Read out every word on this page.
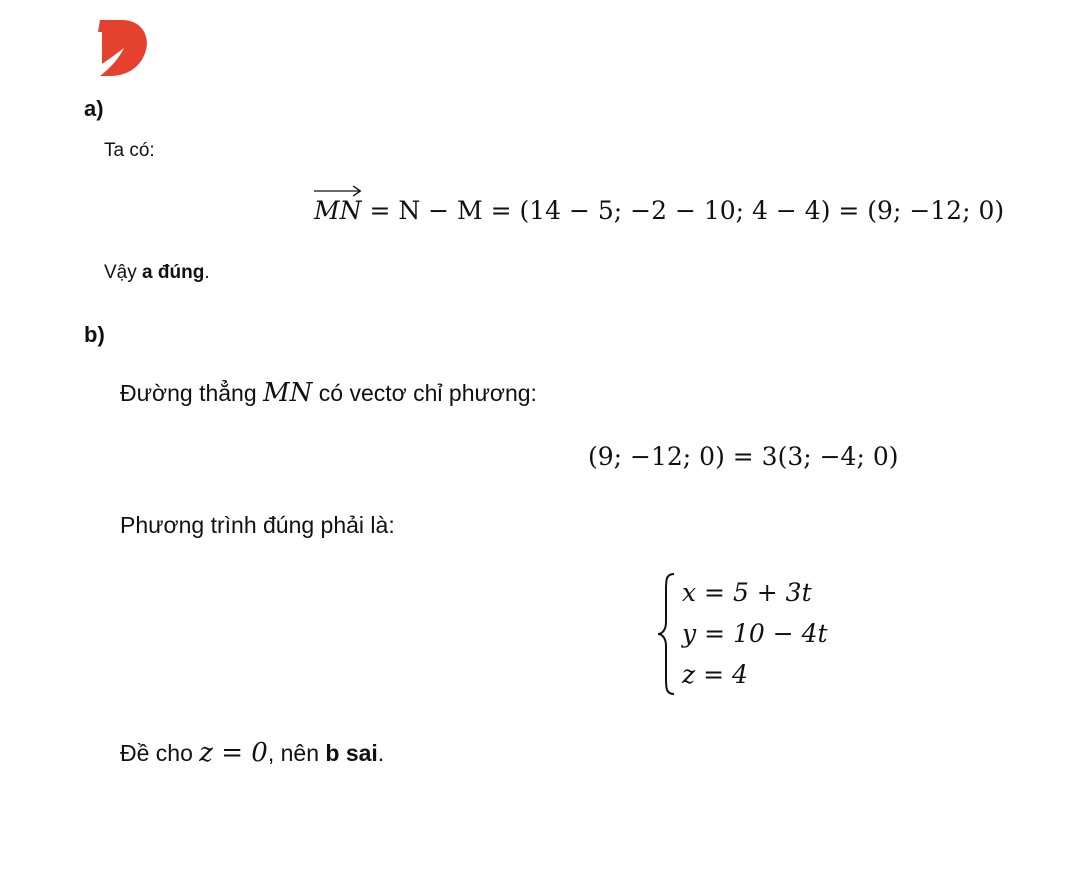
a)
Ta có:
MN = N − M = (14 − 5; −2 − 10; 4 − 4) = (9; −12; 0)
Vậy a đúng.
b)
Đường thẳng MN có vectơ chỉ phương:
(9; −12; 0) = 3(3; −4; 0)
Phương trình đúng phải là:
x = 5 + 3t
y = 10 − 4t
z = 4
Đề cho z = 0, nên b sai.
